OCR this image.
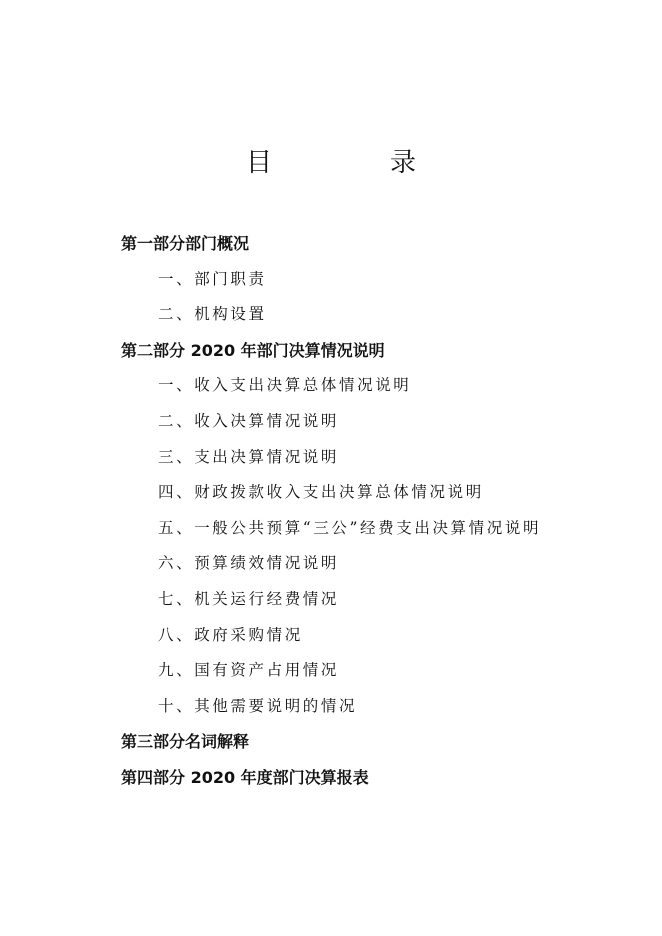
目　录
第一部分部门概况
一、部门职责
二、机构设置
第二部分 2020 年部门决算情况说明
一、收入支出决算总体情况说明
二、收入决算情况说明
三、支出决算情况说明
四、财政拨款收入支出决算总体情况说明
五、一般公共预算“三公”经费支出决算情况说明
六、预算绩效情况说明
七、机关运行经费情况
八、政府采购情况
九、国有资产占用情况
十、其他需要说明的情况
第三部分名词解释
第四部分 2020 年度部门决算报表
